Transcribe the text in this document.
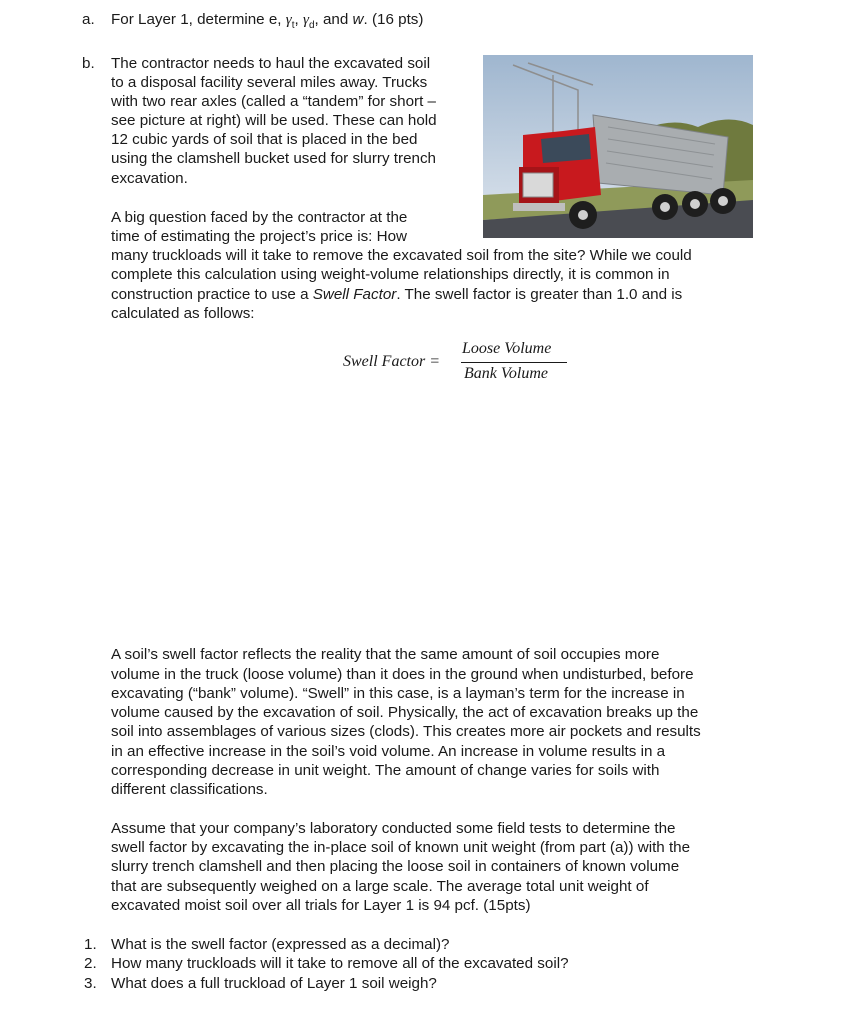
a. For Layer 1, determine e, $\gamma_t$, $\gamma_d$, and w. (16 pts)
b. The contractor needs to haul the excavated soil
to a disposal facility several miles away. Trucks
with two rear axles (called a “tandem” for short –
see picture at right) will be used. These can hold
12 cubic yards of soil that is placed in the bed
using the clamshell bucket used for slurry trench
excavation.
A big question faced by the contractor at the
time of estimating the project’s price is: How
many truckloads will it take to remove the excavated soil from the site? While we could
complete this calculation using weight-volume relationships directly, it is common in
construction practice to use a Swell Factor. The swell factor is greater than 1.0 and is
calculated as follows:
Swell Factor =
Loose Volume
Bank Volume
A soil’s swell factor reflects the reality that the same amount of soil occupies more
volume in the truck (loose volume) than it does in the ground when undisturbed, before
excavating (“bank” volume). “Swell” in this case, is a layman’s term for the increase in
volume caused by the excavation of soil. Physically, the act of excavation breaks up the
soil into assemblages of various sizes (clods). This creates more air pockets and results
in an effective increase in the soil’s void volume. An increase in volume results in a
corresponding decrease in unit weight. The amount of change varies for soils with
different classifications.
Assume that your company’s laboratory conducted some field tests to determine the
swell factor by excavating the in-place soil of known unit weight (from part (a)) with the
slurry trench clamshell and then placing the loose soil in containers of known volume
that are subsequently weighed on a large scale. The average total unit weight of
excavated moist soil over all trials for Layer 1 is 94 pcf. (15pts)
1. What is the swell factor (expressed as a decimal)?
2. How many truckloads will it take to remove all of the excavated soil?
3. What does a full truckload of Layer 1 soil weigh?
